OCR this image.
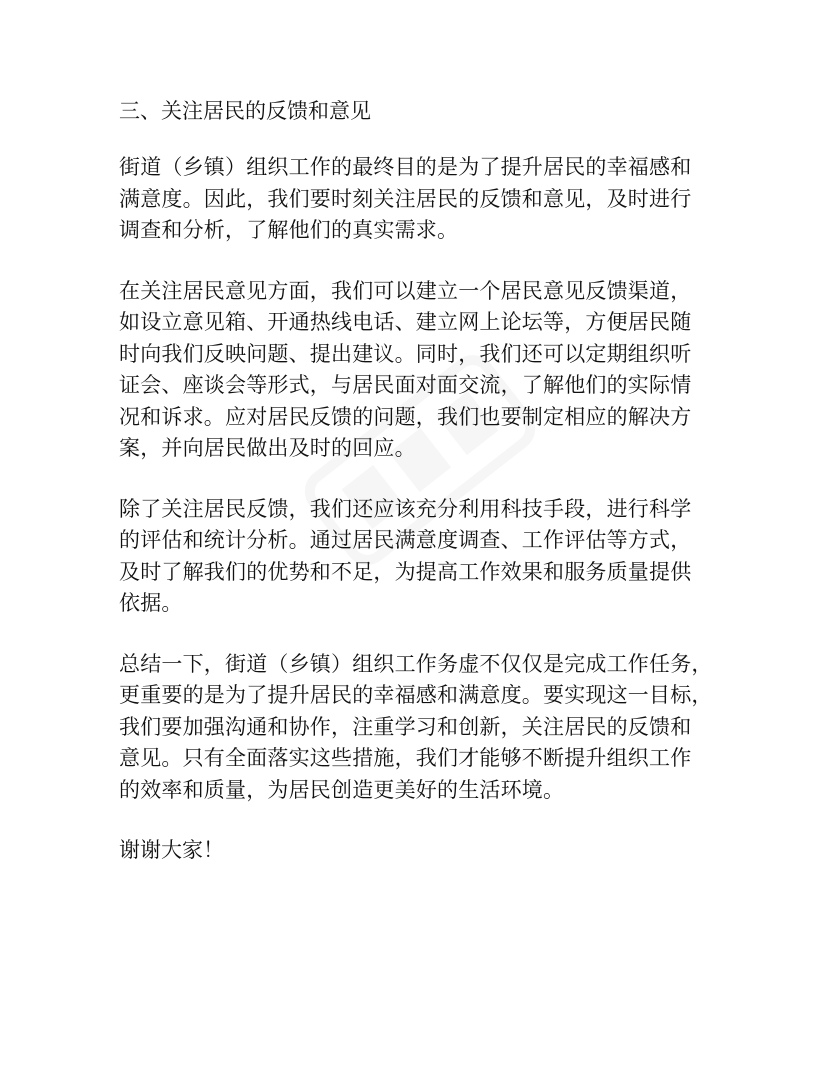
三、关注居民的反馈和意见
街道（乡镇）组织工作的最终目的是为了提升居民的幸福感和
满意度。因此，我们要时刻关注居民的反馈和意见，及时进行
调查和分析，了解他们的真实需求。
在关注居民意见方面，我们可以建立一个居民意见反馈渠道，
如设立意见箱、开通热线电话、建立网上论坛等，方便居民随
时向我们反映问题、提出建议。同时，我们还可以定期组织听
证会、座谈会等形式，与居民面对面交流，了解他们的实际情
况和诉求。应对居民反馈的问题，我们也要制定相应的解决方
案，并向居民做出及时的回应。
除了关注居民反馈，我们还应该充分利用科技手段，进行科学
的评估和统计分析。通过居民满意度调查、工作评估等方式，
及时了解我们的优势和不足，为提高工作效果和服务质量提供
依据。
总结一下，街道（乡镇）组织工作务虚不仅仅是完成工作任务，
更重要的是为了提升居民的幸福感和满意度。要实现这一目标，
我们要加强沟通和协作，注重学习和创新，关注居民的反馈和
意见。只有全面落实这些措施，我们才能够不断提升组织工作
的效率和质量，为居民创造更美好的生活环境。
谢谢大家！
